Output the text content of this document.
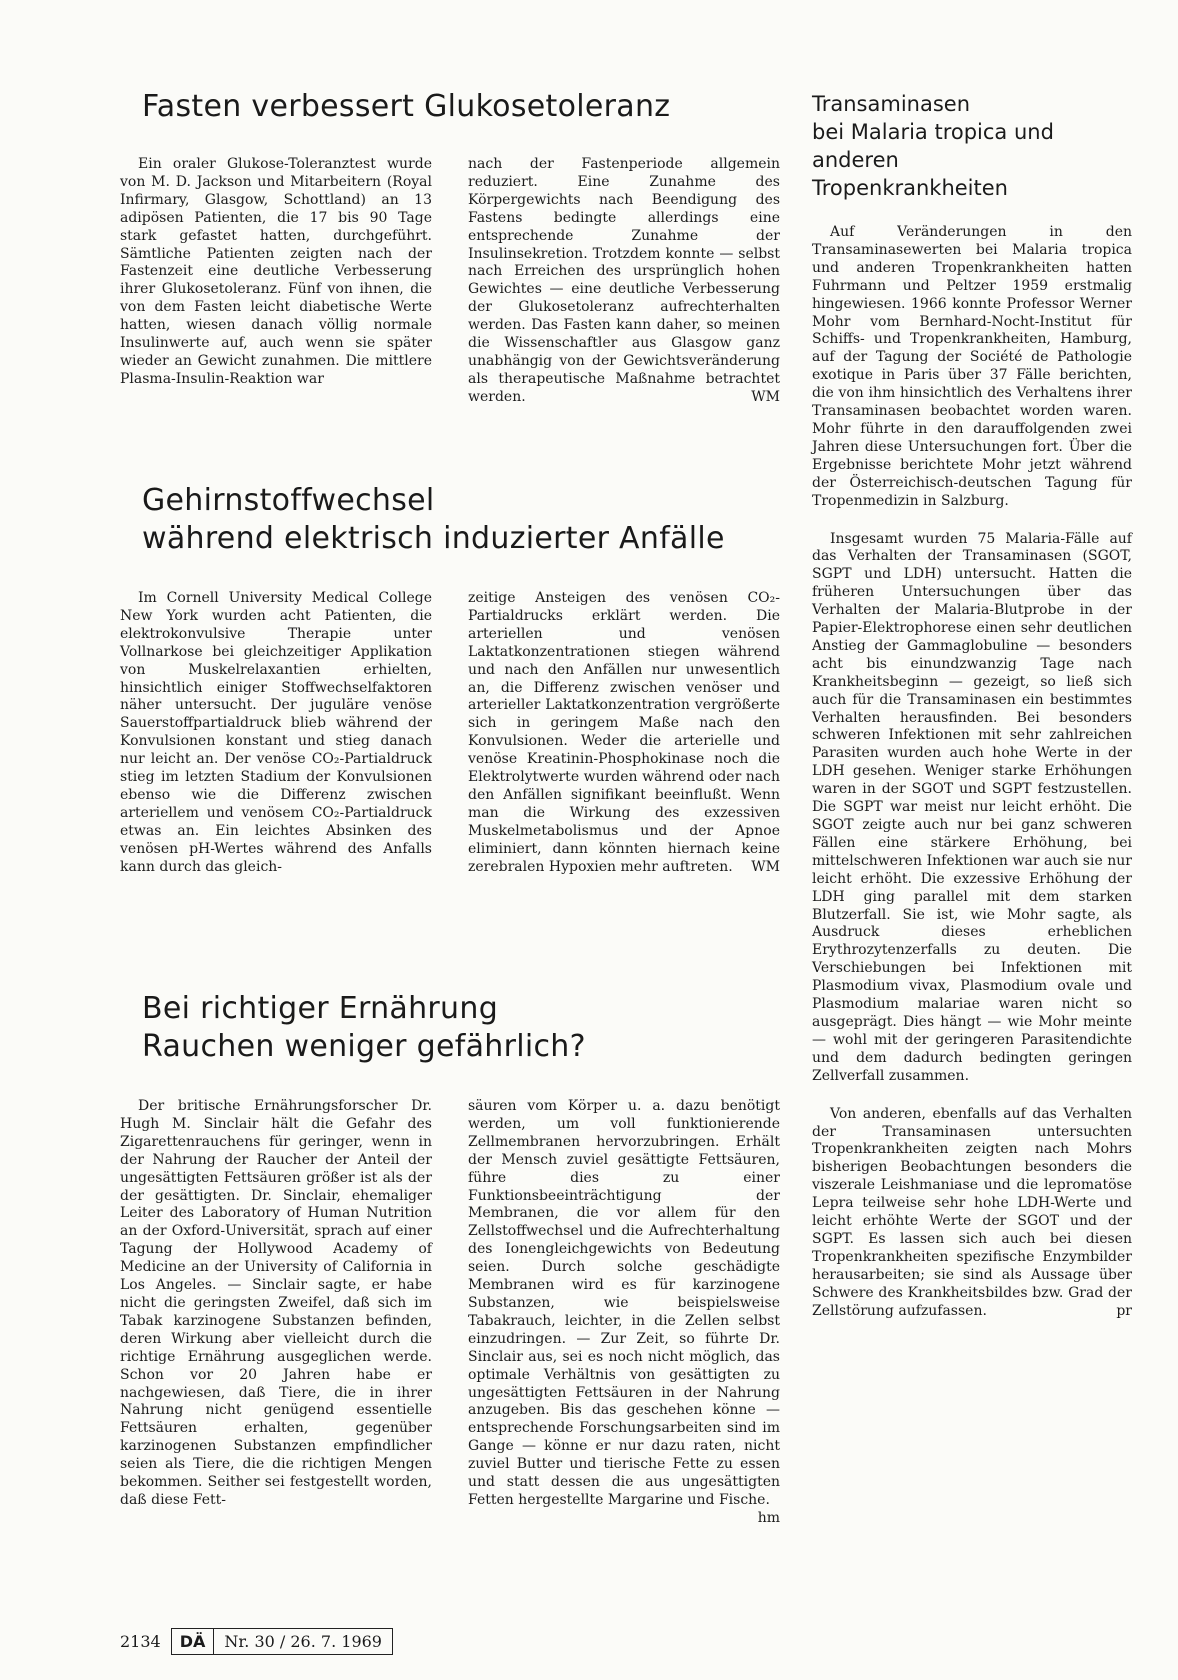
Fasten verbessert Glukosetoleranz

Ein oraler Glukose-Toleranztest wurde von M. D. Jackson und Mitarbeitern (Royal Infirmary, Glasgow, Schottland) an 13 adipösen Patienten, die 17 bis 90 Tage stark gefastet hatten, durchgeführt. Sämtliche Patienten zeigten nach der Fastenzeit eine deutliche Verbesserung ihrer Glukosetoleranz. Fünf von ihnen, die von dem Fasten leicht diabetische Werte hatten, wiesen danach völlig normale Insulinwerte auf, auch wenn sie später wieder an Gewicht zunahmen. Die mittlere Plasma-Insulin-Reaktion war

nach der Fastenperiode allgemein reduziert. Eine Zunahme des Körpergewichts nach Beendigung des Fastens bedingte allerdings eine entsprechende Zunahme der Insulinsekretion. Trotzdem konnte — selbst nach Erreichen des ursprünglich hohen Gewichtes — eine deutliche Verbesserung der Glukosetoleranz aufrechterhalten werden. Das Fasten kann daher, so meinen die Wissenschaftler aus Glasgow ganz unabhängig von der Gewichtsveränderung als therapeutische Maßnahme betrachtet werden.	WM

Gehirnstoffwechsel
während elektrisch induzierter Anfälle

Im Cornell University Medical College New York wurden acht Patienten, die elektrokonvulsive Therapie unter Vollnarkose bei gleichzeitiger Applikation von Muskelrelaxantien erhielten, hinsichtlich einiger Stoffwechselfaktoren näher untersucht. Der juguläre venöse Sauerstoffpartialdruck blieb während der Konvulsionen konstant und stieg danach nur leicht an. Der venöse CO₂-Partialdruck stieg im letzten Stadium der Konvulsionen ebenso wie die Differenz zwischen arteriellem und venösem CO₂-Partialdruck etwas an. Ein leichtes Absinken des venösen pH-Wertes während des Anfalls kann durch das gleich-

zeitige Ansteigen des venösen CO₂-Partialdrucks erklärt werden. Die arteriellen und venösen Laktatkonzentrationen stiegen während und nach den Anfällen nur unwesentlich an, die Differenz zwischen venöser und arterieller Laktatkonzentration vergrößerte sich in geringem Maße nach den Konvulsionen. Weder die arterielle und venöse Kreatinin-Phosphokinase noch die Elektrolytwerte wurden während oder nach den Anfällen signifikant beeinflußt. Wenn man die Wirkung des exzessiven Muskelmetabolismus und der Apnoe eliminiert, dann könnten hiernach keine zerebralen Hypoxien mehr auftreten. WM

Bei richtiger Ernährung
Rauchen weniger gefährlich?

Der britische Ernährungsforscher Dr. Hugh M. Sinclair hält die Gefahr des Zigarettenrauchens für geringer, wenn in der Nahrung der Raucher der Anteil der ungesättigten Fettsäuren größer ist als der der gesättigten. Dr. Sinclair, ehemaliger Leiter des Laboratory of Human Nutrition an der Oxford-Universität, sprach auf einer Tagung der Hollywood Academy of Medicine an der University of California in Los Angeles. — Sinclair sagte, er habe nicht die geringsten Zweifel, daß sich im Tabak karzinogene Substanzen befinden, deren Wirkung aber vielleicht durch die richtige Ernährung ausgeglichen werde. Schon vor 20 Jahren habe er nachgewiesen, daß Tiere, die in ihrer Nahrung nicht genügend essentielle Fettsäuren erhalten, gegenüber karzinogenen Substanzen empfindlicher seien als Tiere, die die richtigen Mengen bekommen. Seither sei festgestellt worden, daß diese Fett-

säuren vom Körper u. a. dazu benötigt werden, um voll funktionierende Zellmembranen hervorzubringen. Erhält der Mensch zuviel gesättigte Fettsäuren, führe dies zu einer Funktionsbeeinträchtigung der Membranen, die vor allem für den Zellstoffwechsel und die Aufrechterhaltung des Ionengleichgewichts von Bedeutung seien. Durch solche geschädigte Membranen wird es für karzinogene Substanzen, wie beispielsweise Tabakrauch, leichter, in die Zellen selbst einzudringen. — Zur Zeit, so führte Dr. Sinclair aus, sei es noch nicht möglich, das optimale Verhältnis von gesättigten zu ungesättigten Fettsäuren in der Nahrung anzugeben. Bis das geschehen könne — entsprechende Forschungsarbeiten sind im Gange — könne er nur dazu raten, nicht zuviel Butter und tierische Fette zu essen und statt dessen die aus ungesättigten Fetten hergestellte Margarine und Fische.
hm

Transaminasen
bei Malaria tropica und
anderen
Tropenkrankheiten

Auf Veränderungen in den Transaminasewerten bei Malaria tropica und anderen Tropenkrankheiten hatten Fuhrmann und Peltzer 1959 erstmalig hingewiesen. 1966 konnte Professor Werner Mohr vom Bernhard-Nocht-Institut für Schiffs- und Tropenkrankheiten, Hamburg, auf der Tagung der Société de Pathologie exotique in Paris über 37 Fälle berichten, die von ihm hinsichtlich des Verhaltens ihrer Transaminasen beobachtet worden waren. Mohr führte in den darauffolgenden zwei Jahren diese Untersuchungen fort. Über die Ergebnisse berichtete Mohr jetzt während der Österreichisch-deutschen Tagung für Tropenmedizin in Salzburg.

Insgesamt wurden 75 Malaria-Fälle auf das Verhalten der Transaminasen (SGOT, SGPT und LDH) untersucht. Hatten die früheren Untersuchungen über das Verhalten der Malaria-Blutprobe in der Papier-Elektrophorese einen sehr deutlichen Anstieg der Gammaglobuline — besonders acht bis einundzwanzig Tage nach Krankheitsbeginn — gezeigt, so ließ sich auch für die Transaminasen ein bestimmtes Verhalten herausfinden. Bei besonders schweren Infektionen mit sehr zahlreichen Parasiten wurden auch hohe Werte in der LDH gesehen. Weniger starke Erhöhungen waren in der SGOT und SGPT festzustellen. Die SGPT war meist nur leicht erhöht. Die SGOT zeigte auch nur bei ganz schweren Fällen eine stärkere Erhöhung, bei mittelschweren Infektionen war auch sie nur leicht erhöht. Die exzessive Erhöhung der LDH ging parallel mit dem starken Blutzerfall. Sie ist, wie Mohr sagte, als Ausdruck dieses erheblichen Erythrozytenzerfalls zu deuten. Die Verschiebungen bei Infektionen mit Plasmodium vivax, Plasmodium ovale und Plasmodium malariae waren nicht so ausgeprägt. Dies hängt — wie Mohr meinte — wohl mit der geringeren Parasitendichte und dem dadurch bedingten geringen Zellverfall zusammen.

Von anderen, ebenfalls auf das Verhalten der Transaminasen untersuchten Tropenkrankheiten zeigten nach Mohrs bisherigen Beobachtungen besonders die viszerale Leishmaniase und die lepromatöse Lepra teilweise sehr hohe LDH-Werte und leicht erhöhte Werte der SGOT und der SGPT. Es lassen sich auch bei diesen Tropenkrankheiten spezifische Enzymbilder herausarbeiten; sie sind als Aussage über Schwere des Krankheitsbildes bzw. Grad der Zellstörung aufzufassen.	pr

2134	DÄ	Nr. 30 / 26. 7. 1969
